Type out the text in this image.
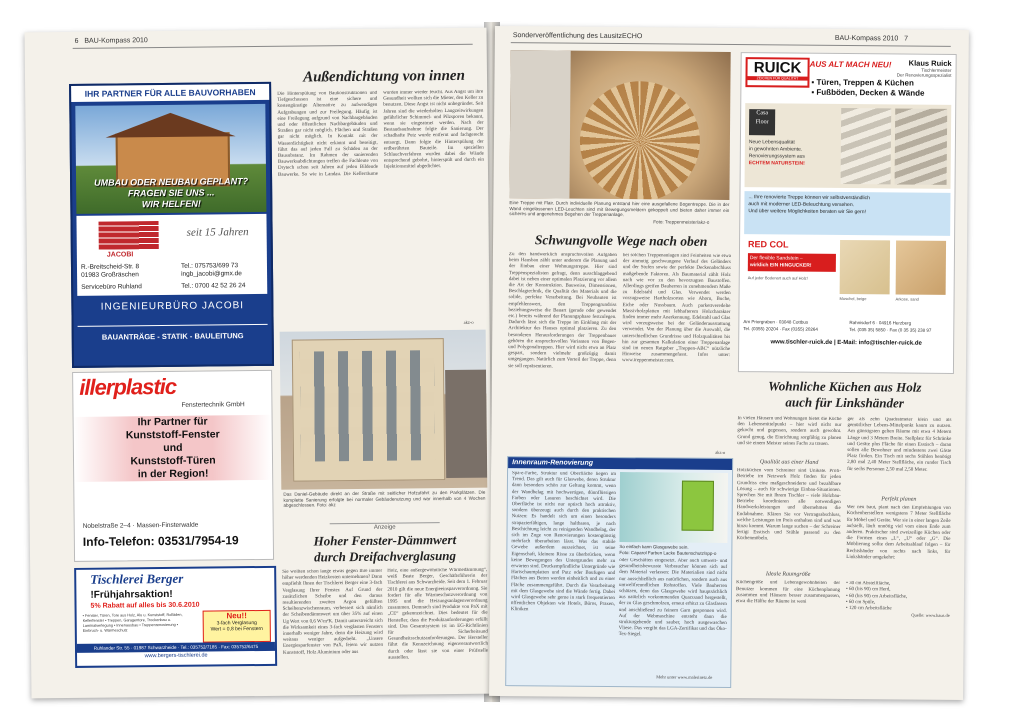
6 BAU-Kompass 2010
IHR PARTNER FÜR ALLE BAUVORHABEN
UMBAU ODER NEUBAU GEPLANT?
FRAGEN SIE UNS ...
WIR HELFEN!
JACOBI
seit 15 Jahren
R.-Breitscheid-Str. 8
01983 Großräschen
Tel.: 075753/699 73
ingb_jacobi@gmx.de
Servicebüro Ruhland	Tel.: 0700 42 52 26 24
INGENIEURBÜRO JACOBI
BAUANTRÄGE - STATIK - BAULEITUNG
illerplastic
Fenstertechnik GmbH
Ihr Partner für
Kunststoff-Fenster
und
Kunststoff-Türen
in der Region!
Nobelstraße 2–4 · Massen-Finsterwalde
Info-Telefon: 03531/7954-19
Tischlerei Berger
!Frühjahrsaktion!
5% Rabatt auf alles bis 30.6.2010
• Fenster, Türen, Tore aus Holz, Alu u. Kunststoff, Rolläden, Kellerfenster • Treppen, Garagentore, Trockenbau u. Laminatverlegung • Innenausbau • Treppenrenovierung • Einbruch- u. Wärmeschutz
Neu!!
3-fach Verglasung
Wert = 0,8 bei Fenstern
Ruhlander Str. 55 · 01987 Schwarzheide · Tel.: 035752/7185 · Fax: 035752/6475
www.bergers-tischlerei.de
Außendichtung von innen
Die Hinterspülung von Baukonstruktionen und Tiefgeschossen ist eine sichere und kostengünstige Alternative zu aufwendigen Aufgrabungen und zur Freilegung. Häufig ist eine Freilegung aufgrund von Nachbargebäuden und oder öffentlichen Nachbargebäuden und Straßen gar nicht möglich. Flächen und Straßen gar nicht möglich. In Kontakt mit der Wasserdichtigkeit nicht erkannt und beseitigt, führt das auf jeden Fall zu Schäden an der Bausubstanz. Im Rahmen der sanierenden Bauwerksabdichtungen treffen die Fachleute von Drytech schon seit Jahren auf jeden Bildende Bauwerke. So wie in Landau. Die Kellerräume wurden immer wieder feucht. Aus Angst um ihre Gesundheit wollten sich die Mieter, den Keller zu benutzen. Diese Angst ist nicht unbegründet. Seit Jahren sind die wiederholten Langzeitwirkungen gefährlicher Schimmel- und Pilzsporen bekannt, wenn sie eingeatmet werden. Nach der Bestandsaufnahme folgte die Sanierung. Der schadhafte Putz wurde entfernt und fachgerecht entsorgt. Dann folgte die Hinterspülung der erdberührten Bauteile. Im speziellen Schlauchverfahren wurden dabei die Wände entsprechend gebohrt, hinterspült und durch ein Injektionsmittel abgedichtet.
akz-o
Das Daniel-Gebäude direkt an der Straße mit seitlicher Hofzufahrt zu den Parkplätzen. Die komplette Sanierung erfolgte bei normaler Gebäudenutzung und war innerhalb von 4 Wochen abgeschlossen. Foto: akz
Anzeige
Hoher Fenster-Dämmwert
durch Dreifachverglasung
Sie wollten schon lange etwas gegen Ihre immer höher werdenden Heizkosten unternehmen? Dann empfiehlt Ihnen der Tischlerei Berger eine 3-fach Verglasung Ihrer Fenster. Auf Grund der zusätzlichen Scheibe und den daraus resultierenden zweiten Argon gefüllten Scheibenzwischenraum, verbessert sich nämlich der Scheibendämmwert um über 35% auf einen Ug Wert von 0,6 W/m²K. Damit unterstreicht sich die Wirksamkeit eines 3-fach verglasten Fensters innerhalb weniger Jahre, denn die Heizung wird weitaus weniger aufgedreht. „Unsere Energiesparfenster von PaX, feiern wir nutzen Kunststoff, Holz Aluminium oder aus
Holz, eine außergewöhnliche Wärmedämmung“, weiß Beate Berger, Geschäftsführerin der Tischlerei aus Schwarzheide. Seit dem 1. Februar 2010 gilt die neue Energieeinsparverordnung. Sie fordert für alle Wärmeschutzverordnung von 1995 und die Heizungsanlagenverordnung zusammen. Demnach sind Produkte von PaX mit „CE“ gekennzeichnet. Dies bedeutet für die Hersteller, dass die Produktanforderungen erfüllt sind. Das Gesamtsystem ist im EG-Richtlinien für Sicherheitsund Gesundheitsschutzanforderungen. Der Hersteller führt die Kennzeichnung eigenverantwortlich durch oder lässt sie von einer Prüfstelle ausstellen.
Sonderveröffentlichung des LausitzECHO	BAU-Kompass 2010 7
Eine Treppe mit Flair. Durch individuelle Planung entstand hier eine ausgefallene Bogentreppe. Die in der Wand eingelassenen LED-Leuchten sind mit Bewegungsmeldern gekoppelt und bieten daher immer ein sicheres und angenehmes Begehen der Treppenanlage.
Foto: Treppenmeister/akz-o
Schwungvolle Wege nach oben
Zu den handwerklich anspruchsvollen Aufgaben beim Hausbau zählt unter anderem die Planung und der Einbau einer Wohnungstreppe. Hier sind Treppenspezialisten gefragt, denn ausschlaggebend dabei ist neben einer optimalen Platzierung vor allem die Art der Konstruktion. Bauweise, Dimensionen, Beschlagtechnik, die Qualität des Materials und die solide, perfekte Verarbeitung. Bei Neubauten ist empfehlenswert, den Treppengrundriss beziehungsweise die Bauart (gerade oder gewendet etc.) bereits während der Planungsphase festzulegen. Dadurch lässt sich die Treppe im Einklang mit der Architektur des Hauses optimal platzieren. Zu den besonderen Herausforderungen der Treppenbauer gehören die anspruchsvollen Varianten von Bogen- und Polygonaltreppen. Hier wird nicht etwa an Platz gespart, sondern vielmehr großzügig damit umgegangen. Natürlich zum Vorteil der Treppe, denn sie soll repräsentieren.
bei solchen Treppenanlagen sind Feinheiten wie etwa der anmutig geschwungene Verlauf des Geländers und der Stufen sowie der perfekte Deckenabschluss maßgebende Faktoren. Als Baumaterial zählt Holz nach wie vor zu den bevorzugten Baustoffen. Allerdings greifen Bauherren in zunehmendem Maße zu Edelstahl und Glas. Verwendet werden vorzugsweise Hartholzsorten wie Ahorn, Buche, Eiche oder Nussbaum. Auch parkettveredelte Massivholzplatten mit lebhafterem Holzcharakter finden immer mehr Anerkennung. Edelstahl und Glas wird vorzugsweise bei der Geländerausstattung verwendet. Von der Planung über die Auswahl, die unterschiedlichen Grundrisse und Holzqualitäten bis hin zur gesamten Kalkulation einer Treppenanlage sind im neuen Ratgeber „Treppen-ABC“ nützliche Hinweise zusammengefasst. Infos unter: www.treppenmeister.com.
akz-o
RUICK
ZEICHEN FÜR QUALITÄT
AUS ALT MACH NEU!	Klaus Ruick
Tischlermeister
Der Renovierungsspezialist
▪ Türen, Treppen & Küchen
▪ Fußböden, Decken & Wände
Casa
Floor
Neue Lebensqualität
in gewohnten Ambiente.
Renovierungssystem aus
ECHTEM NATURSTEIN!
... Ihre renovierte Treppe können wir selbstverständlich
auch mit moderner LED-Beleuchtung versehen.
Und über weitere Möglichkeiten beraten wir Sie gern!
RED COL
Der flexible Sandstein –
wirklich EIN HINGUCKER!
Auf jeder Bodenart auch auf Holz!
Muschel, beige	Arkose, sand
Am Priorgraben · 03048 Cottbus
Tel. (0355) 20204 · Fax (0355) 20264
Rahnisdorf 6 · 04916 Herzberg
Tel. (035 35) 5850 · Fax (0 35 35) 238 97
www.tischler-ruick.de | E-Mail: info@tischler-ruick.de
Innenraum-Renovierung
Spa-e-Farbe, Struktur und Oberfläche liegen im Trend. Das gilt auch für Glaswebe, deren Struktur dann besonders schön zur Geltung kommt, wenn der Wandbelag mit hochwertigen, dünnflüssigen Farben oder Lasuren beschichtet wird. Die Oberfläche ist nicht nur optisch hoch attraktiv, sondern überzeugt auch durch den praktischen Nutzen: Es handelt sich um einen besonders strapazierfähigen, lange haltbaren, je nach Beschichtung leicht zu reinigenden Wandbelag, der sich im Zuge von Renovierungen kostengünstig mehrfach überarbeiten lässt. Was das stabile Gewebe außerdem auszeichnet, ist seine Eigenschaft, kleinere Risse zu überbrücken, wenn keine Bewegungen des Untergrundes mehr zu erwarten sind. Druckempfindliche Untergründe wie Hartschaumplatten und Putz oder Baufugen und Flächen aus Beton werden einheitlich und zu einer Fläche zusammengeführt. Durch die Verarbeitung mit dem Glasgewebe sind die Wände fertig. Dabei wird Glasgewebe sehr gerne in stark frequentierten öffentlichen Objekten wie Hotels, Büros, Praxen, Kliniken
So einfach kann Glasgewebe sein.
Foto: Caparol Farben Lacke Bautenschutz/spp-o
oder Geschäften eingesetzt. Aber auch umwelt- und gesundheitsbewusste Verbraucher können sich auf dem Material verlassen: Die Materialien sind nicht nur ausschließlich aus natürlichen, sondern auch aus umweltfreundlichen Rohstoffen. Viele Bauherren schätzen, denn das Glasgewebe wird hauptsächlich aus natürlich vorkommenden Quarzsand hergestellt, der zu Glas geschmolzen, erneut erhitzt zu Glasfasern und anschließend zu feinem Garn gesponnen wird. Auf der Webmaschine entsteht dann die strukturgebende und sauber, hoch ausgewaschen Vliese. Das vergibt das LGA-Zertifikat und das Öko-Tex-Siegel.
Mehr unter www.malerinetz.de
Wohnliche Küchen aus Holz
auch für Linkshänder
In vielen Häusern und Wohnungen bietet die Küche den Lebensmittelpunkt – hier wird nicht nur gekocht und gegessen, sondern auch gewohnt. Grund genug, die Einrichtung sorgfältig zu planen und sie einem Meister seines Fachs zu trauen.
Qualität aus einer Hand
Holzküchen vom Schreiner sind Unikate. Profi-Betriebe im Netzwerk Holz finden für jeden Grundriss eine maßgeschneiderte und bezahlbare Lösung – auch für schwierige Einbau-Situationen. Sprechen Sie mit Ihrem Tischler – viele Holzbau-Betriebe koordinieren alle notwendigen Handwerksleistungen und übernehmen die Endabnahme. Klären Sie vor Vertragsabschluss, welche Leistungen im Preis enthalten sind und was hinzu kommt. Warum lange suchen – der Schreiner fertigt Esstisch und Stühle passend zu den Küchenmöbeln.
Ideale Raumgröße
Küchengröße und Lebensgewohnheiten der Benutzer kommen für eine Küchenplanung zusammen und Häusern besser zusammenpassen, etwa die Hälfte der Räume ist weni
ger als zehn Quadratmeter klein und als gemütlicher Lebens-Mittelpunkt kaum zu nutzen. Am günstigsten gelten Räume mit etwa 4 Metern Länge und 3 Metern Breite. Stellplatz für Schränke und Geräte plus Fläche für einen Esstisch – daran sollen alle Bewohner und mindestens zwei Gäste Platz finden. Ein Tisch mit sechs Stühlen benötigt 2,80 mal 2,40 Meter Stellfläche, ein runder Tisch für sechs Personen 2,50 mal 2,50 Meter.
Perfekt planen
Wer neu baut, plant nach den Empfehlungen von Küchenherstellern wenigstens 7 Meter Stellfläche für Möbel und Geräte. Wer sie in einer langen Zeile aufstellt, läuft unnötig viel vom einen Ende zum anderen. Praktischer sind zweizeilige Küchen oder die Formen eines „L“, „U“ oder „G“. Die Möblierung sollte dem Arbeitsablauf folgen – für Rechtshänder von rechts nach links, für Linkshänder umgekehrt:
• 30 cm Abstellfläche,
• 60 (bis 90) cm Herd,
• 60 (bis 90) cm Arbeitsfläche,
• 60 cm Spüle,
• 120 cm Arbeitsfläche
Quelle: www.haus.de
